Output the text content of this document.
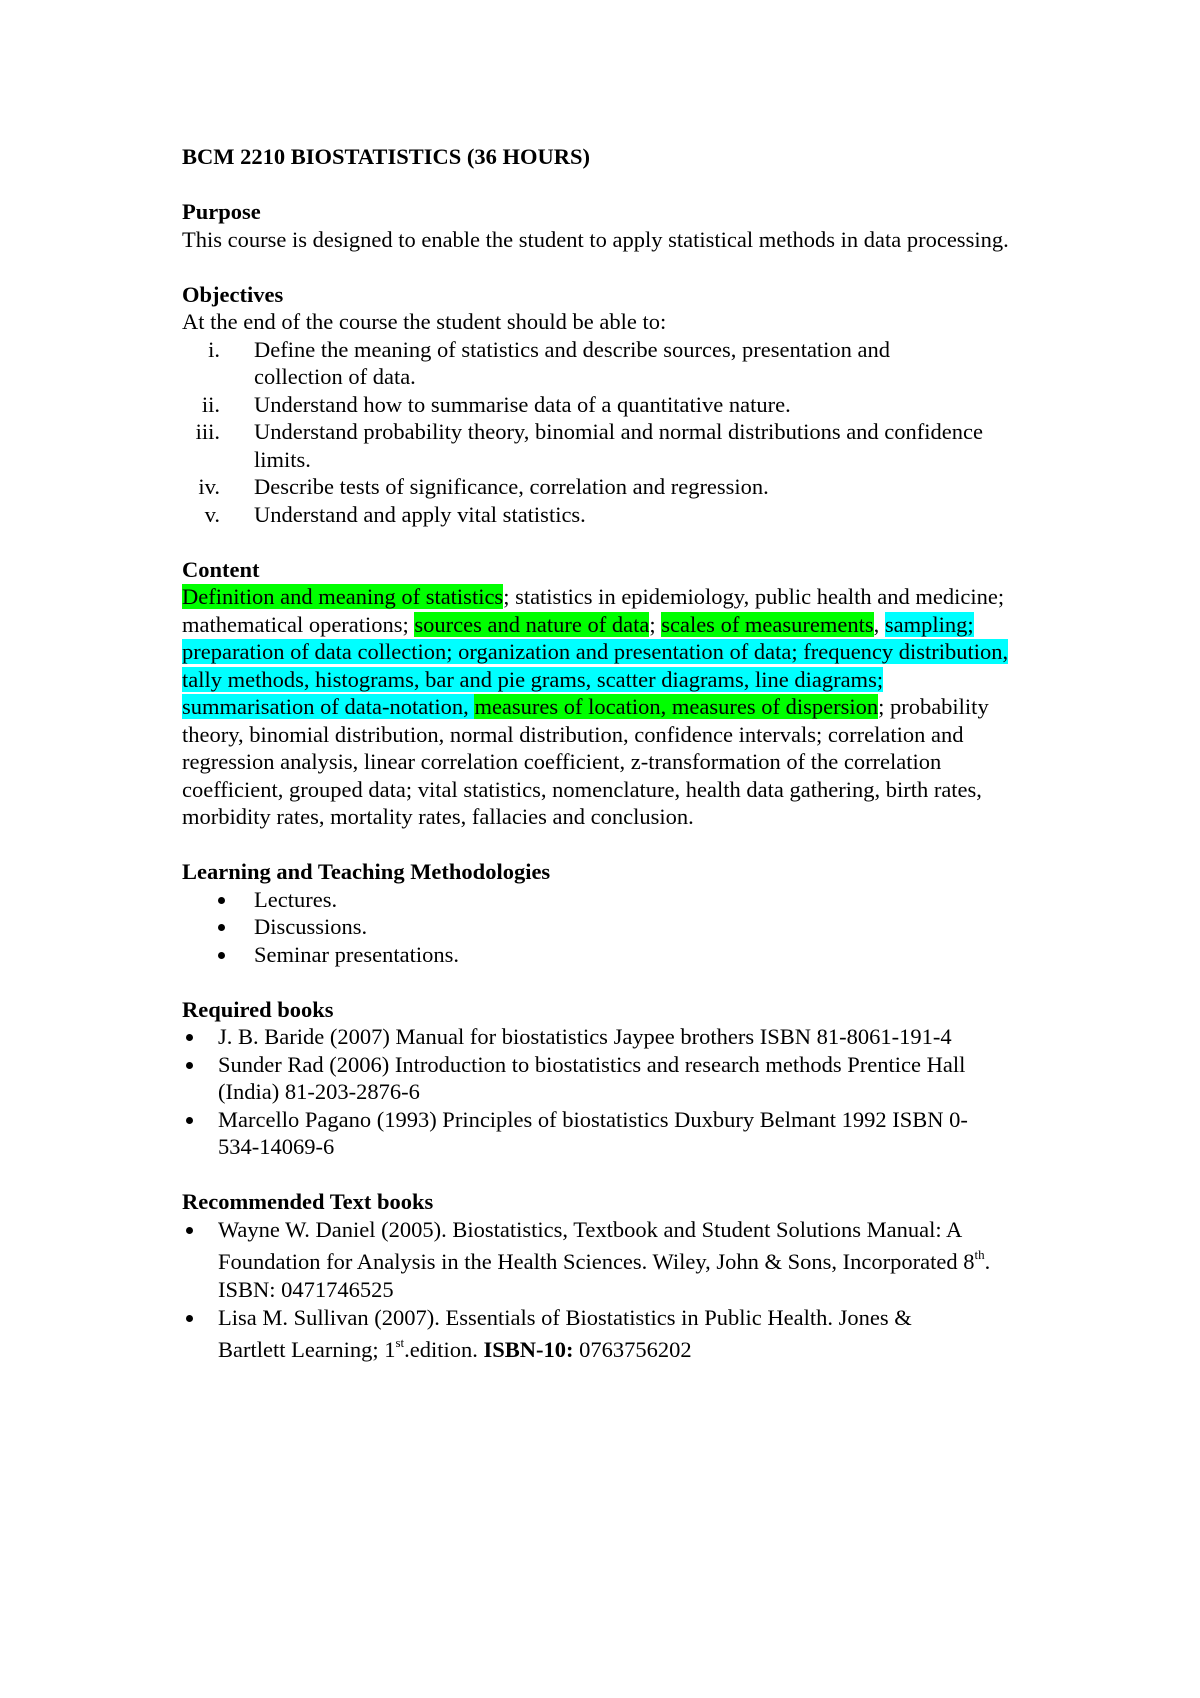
BCM 2210 BIOSTATISTICS (36 HOURS)
Purpose
This course is designed to enable the student to apply statistical methods in data processing.
Objectives
At the end of the course the student should be able to:
i. Define the meaning of statistics and describe sources, presentation and
collection of data.
ii. Understand how to summarise data of a quantitative nature.
iii. Understand probability theory, binomial and normal distributions and confidence
limits.
iv. Describe tests of significance, correlation and regression.
v. Understand and apply vital statistics.
Content
Definition and meaning of statistics; statistics in epidemiology, public health and medicine;
mathematical operations; sources and nature of data; scales of measurements, sampling;
preparation of data collection; organization and presentation of data; frequency distribution,
tally methods, histograms, bar and pie grams, scatter diagrams, line diagrams;
summarisation of data-notation, measures of location, measures of dispersion; probability
theory, binomial distribution, normal distribution, confidence intervals; correlation and
regression analysis, linear correlation coefficient, z-transformation of the correlation
coefficient, grouped data; vital statistics, nomenclature, health data gathering, birth rates,
morbidity rates, mortality rates, fallacies and conclusion.
Learning and Teaching Methodologies
Lectures.
Discussions.
Seminar presentations.
Required books
J. B. Baride (2007) Manual for biostatistics Jaypee brothers ISBN 81-8061-191-4
Sunder Rad (2006) Introduction to biostatistics and research methods Prentice Hall
(India) 81-203-2876-6
Marcello Pagano (1993) Principles of biostatistics Duxbury Belmant 1992 ISBN 0-
534-14069-6
Recommended Text books
Wayne W. Daniel (2005). Biostatistics, Textbook and Student Solutions Manual: A
Foundation for Analysis in the Health Sciences. Wiley, John & Sons, Incorporated 8th.
ISBN: 0471746525
Lisa M. Sullivan (2007). Essentials of Biostatistics in Public Health. Jones &
Bartlett Learning; 1st.edition. ISBN-10: 0763756202
